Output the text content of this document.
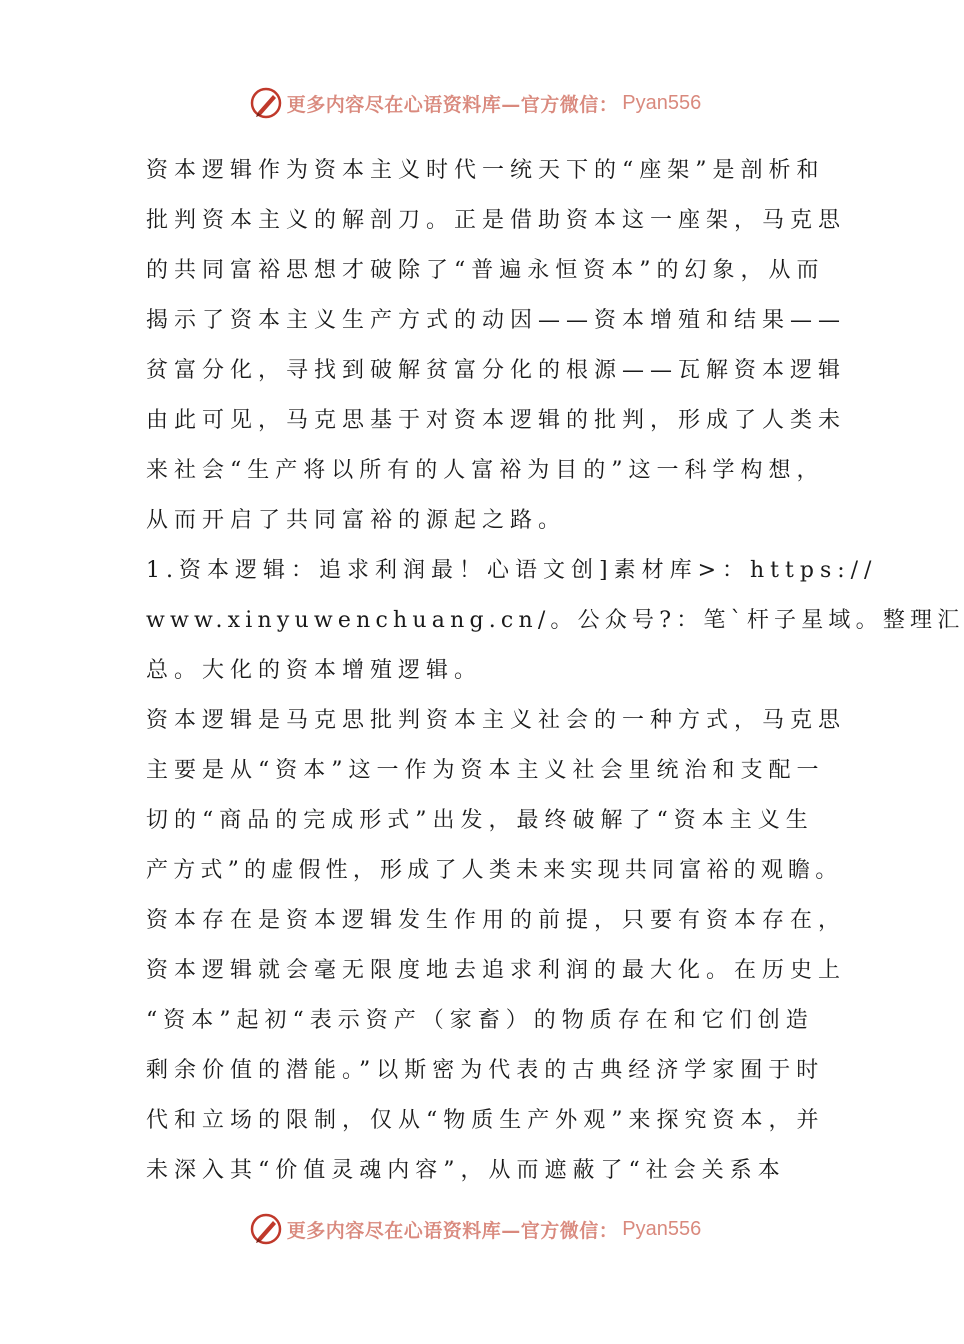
更多内容尽在心语资料库—官方微信： Pyan556
资本逻辑作为资本主义时代一统天下的“座架”是剖析和
批判资本主义的解剖刀。正是借助资本这一座架，马克思
的共同富裕思想才破除了“普遍永恒资本”的幻象，从而
揭示了资本主义生产方式的动因——资本增殖和结果——
贫富分化，寻找到破解贫富分化的根源——瓦解资本逻辑
由此可见，马克思基于对资本逻辑的批判，形成了人类未
来社会“生产将以所有的人富裕为目的”这一科学构想，
从而开启了共同富裕的源起之路。
1.资本逻辑：追求利润最！心语文创]素材库>：https://
www.xinyuwenchuang.cn/。公众号?：笔`杆子星域。整理汇
总。大化的资本增殖逻辑。
资本逻辑是马克思批判资本主义社会的一种方式，马克思
主要是从“资本”这一作为资本主义社会里统治和支配一
切的“商品的完成形式”出发，最终破解了“资本主义生
产方式”的虚假性，形成了人类未来实现共同富裕的观瞻。
资本存在是资本逻辑发生作用的前提，只要有资本存在，
资本逻辑就会毫无限度地去追求利润的最大化。在历史上
“资本”起初“表示资产（家畜）的物质存在和它们创造
剩余价值的潜能。”以斯密为代表的古典经济学家囿于时
代和立场的限制，仅从“物质生产外观”来探究资本，并
未深入其“价值灵魂内容”，从而遮蔽了“社会关系本
更多内容尽在心语资料库—官方微信： Pyan556
